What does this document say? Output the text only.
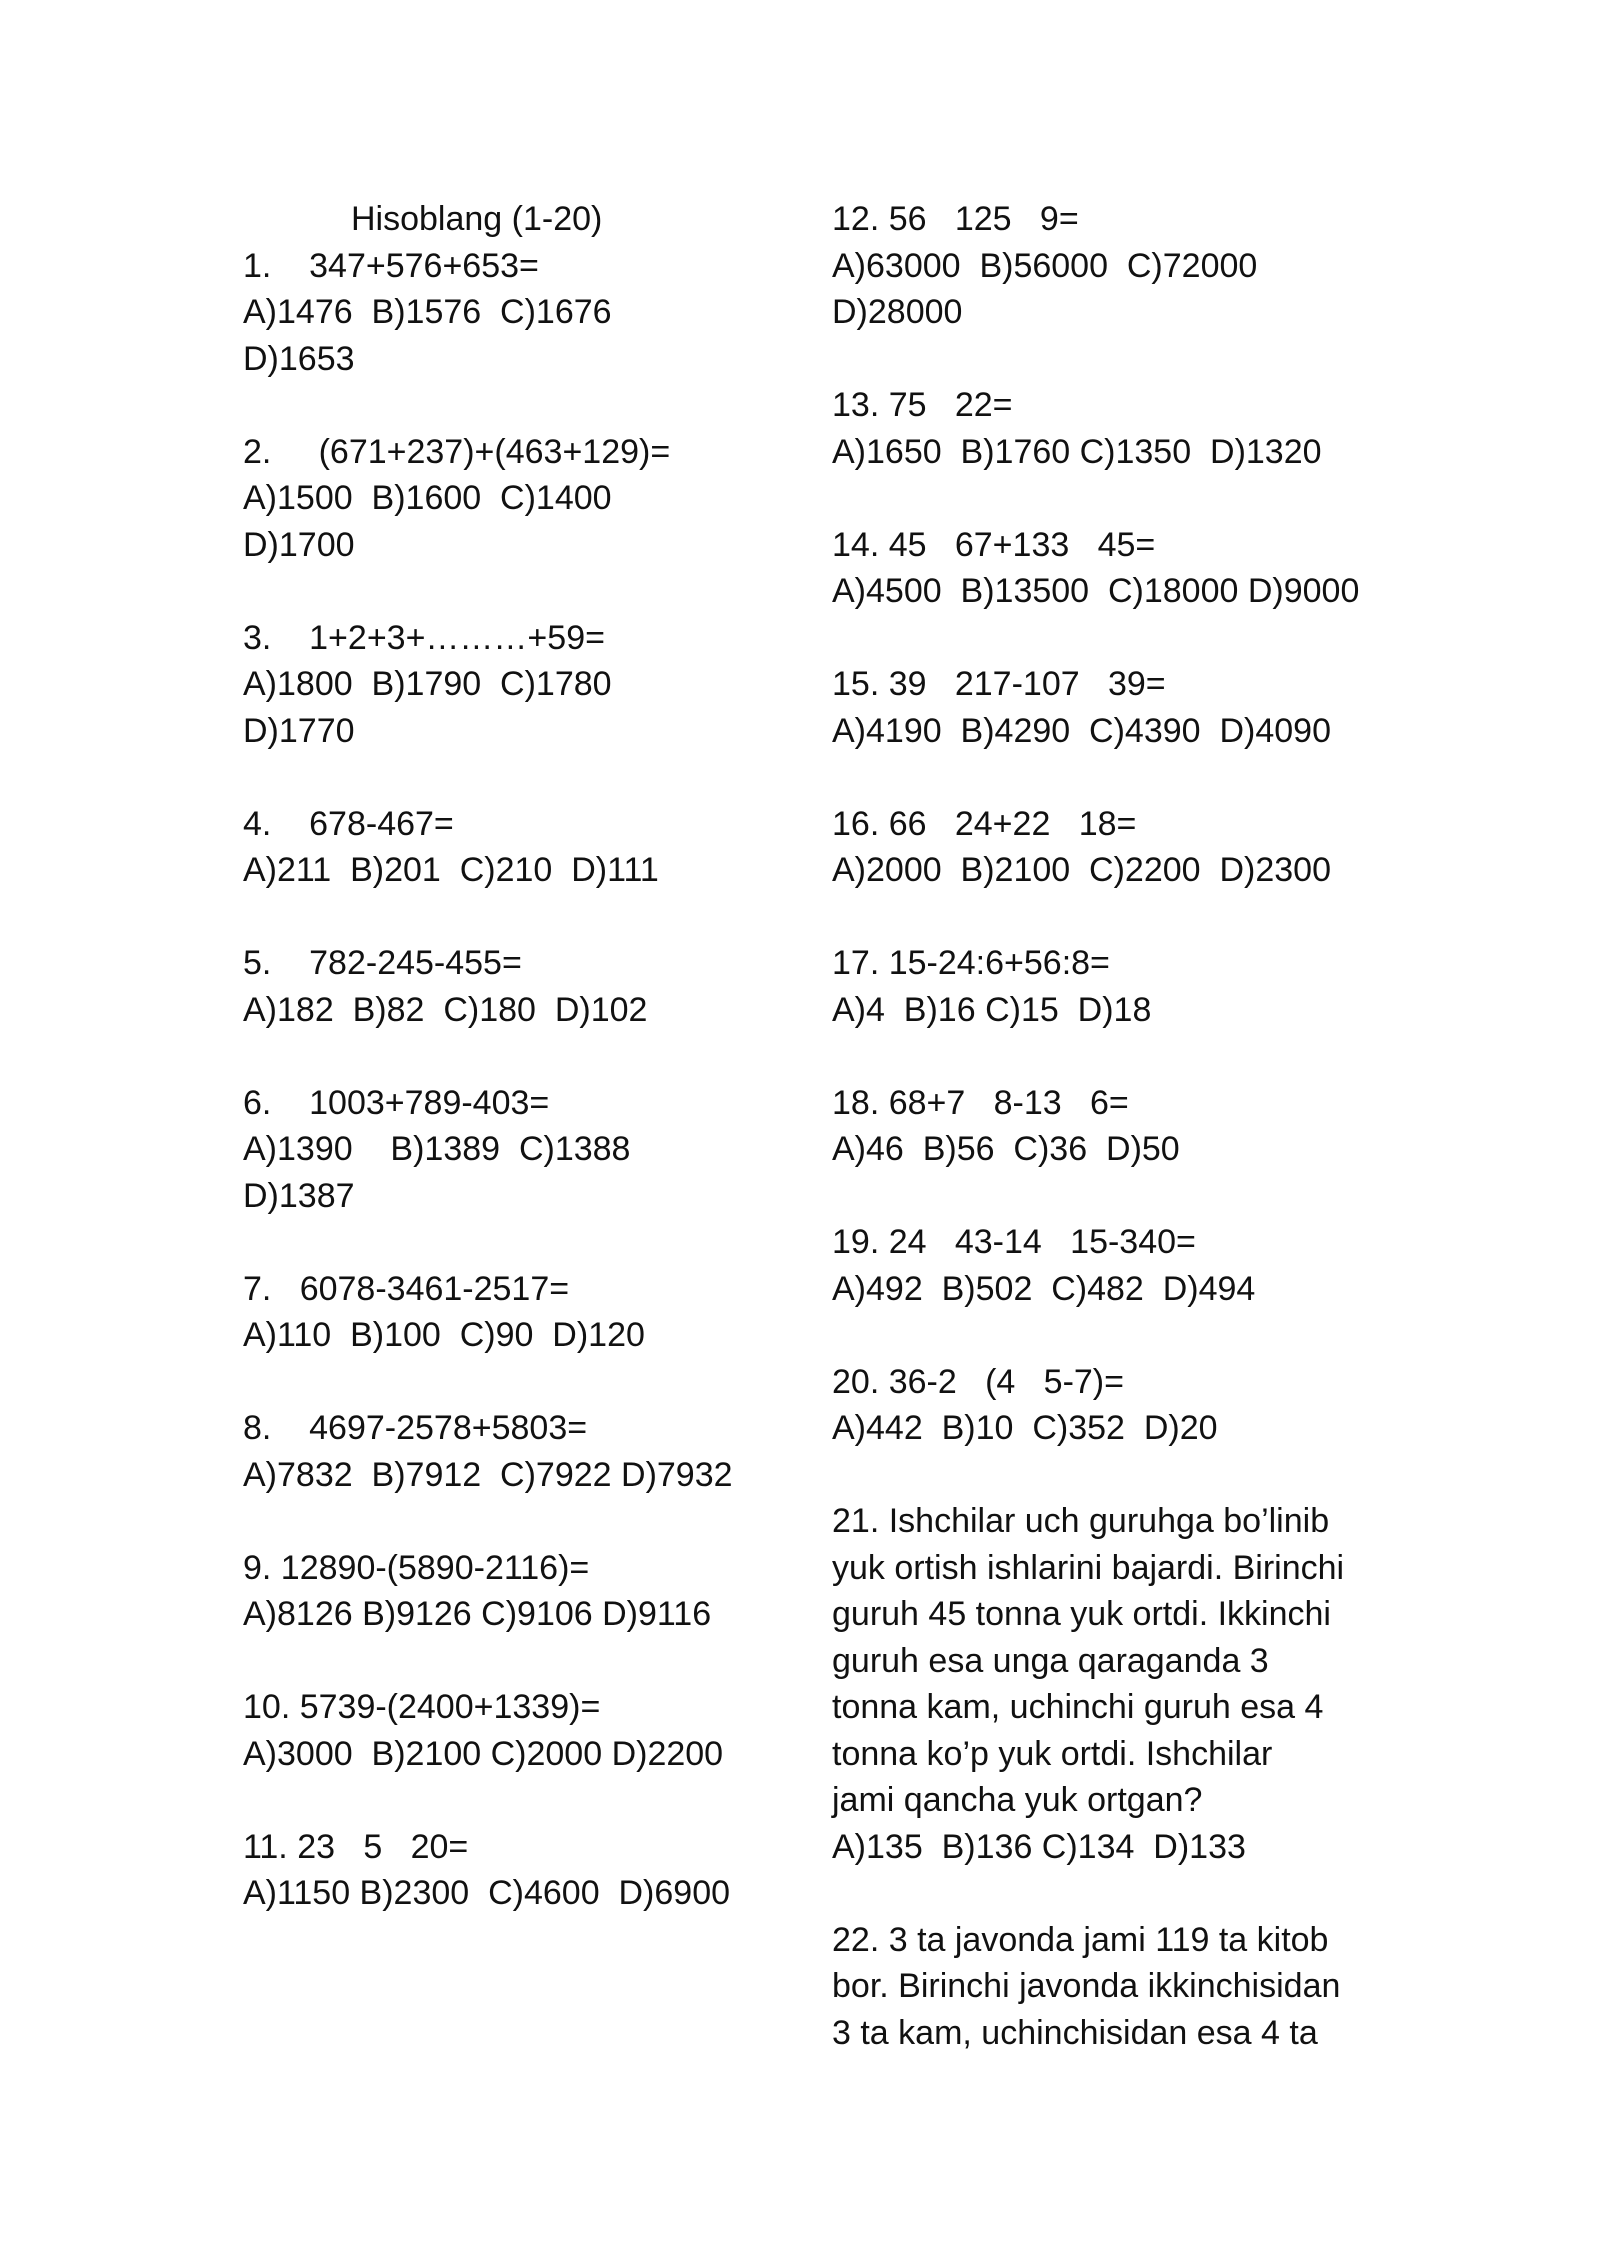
Hisoblang (1-20)
1.    347+576+653=
A)1476  B)1576  C)1676
D)1653
2.     (671+237)+(463+129)=
A)1500  B)1600  C)1400
D)1700
3.    1+2+3+………+59=
A)1800  B)1790  C)1780
D)1770
4.    678-467=
A)211  B)201  C)210  D)111
5.    782-245-455=
A)182  B)82  C)180  D)102
6.    1003+789-403=
A)1390    B)1389  C)1388
D)1387
7.   6078-3461-2517=
A)110  B)100  C)90  D)120
8.    4697-2578+5803=
A)7832  B)7912  C)7922 D)7932
9. 12890-(5890-2116)=
A)8126 B)9126 C)9106 D)9116
10. 5739-(2400+1339)=
A)3000  B)2100 C)2000 D)2200
11. 23   5   20=
A)1150 B)2300  C)4600  D)6900
12. 56   125   9=
A)63000  B)56000  C)72000
D)28000
13. 75   22=
A)1650  B)1760 C)1350  D)1320
14. 45   67+133   45=
A)4500  B)13500  C)18000 D)9000
15. 39   217-107   39=
A)4190  B)4290  C)4390  D)4090
16. 66   24+22   18=
A)2000  B)2100  C)2200  D)2300
17. 15-24:6+56:8=
A)4  B)16 C)15  D)18
18. 68+7   8-13   6=
A)46  B)56  C)36  D)50
19. 24   43-14   15-340=
A)492  B)502  C)482  D)494
20. 36-2   (4   5-7)=
A)442  B)10  C)352  D)20
21. Ishchilar uch guruhga bo’linib
yuk ortish ishlarini bajardi. Birinchi
guruh 45 tonna yuk ortdi. Ikkinchi
guruh esa unga qaraganda 3
tonna kam, uchinchi guruh esa 4
tonna ko’p yuk ortdi. Ishchilar
jami qancha yuk ortgan?
A)135  B)136 C)134  D)133
22. 3 ta javonda jami 119 ta kitob
bor. Birinchi javonda ikkinchisidan
3 ta kam, uchinchisidan esa 4 ta
